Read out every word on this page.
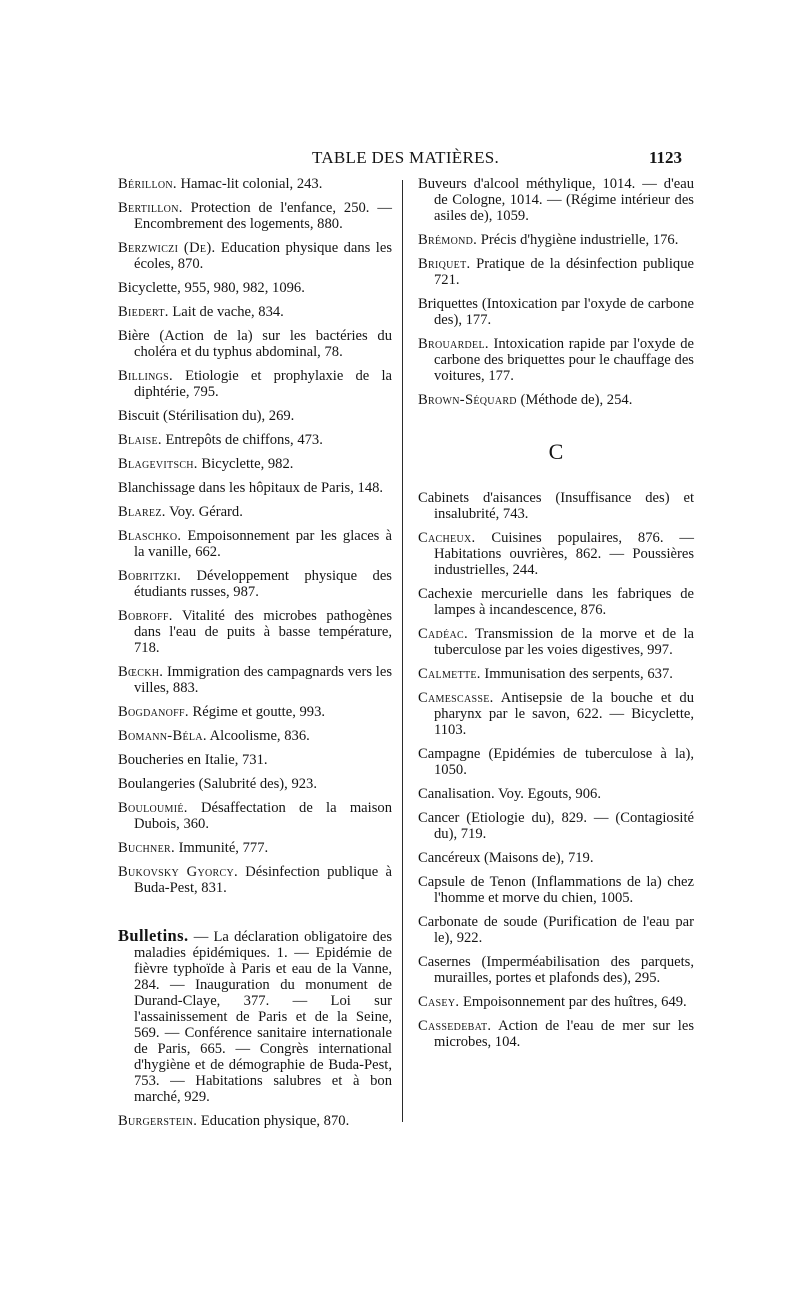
TABLE DES MATIÈRES.	1123

Bérillon. Hamac-lit colonial, 243.

Bertillon. Protection de l'enfance, 250. — Encombrement des logements, 880.

Berzwiczi (De). Education physique dans les écoles, 870.

Bicyclette, 955, 980, 982, 1096.

Biedert. Lait de vache, 834.

Bière (Action de la) sur les bactéries du choléra et du typhus abdominal, 78.

Billings. Etiologie et prophylaxie de la diphtérie, 795.

Biscuit (Stérilisation du), 269.

Blaise. Entrepôts de chiffons, 473.

Blagevitsch. Bicyclette, 982.

Blanchissage dans les hôpitaux de Paris, 148.

Blarez. Voy. Gérard.

Blaschko. Empoisonnement par les glaces à la vanille, 662.

Bobritzki. Développement physique des étudiants russes, 987.

Bobroff. Vitalité des microbes pathogènes dans l'eau de puits à basse température, 718.

Bœckh. Immigration des campagnards vers les villes, 883.

Bogdanoff. Régime et goutte, 993.

Bomann-Béla. Alcoolisme, 836.

Boucheries en Italie, 731.

Boulangeries (Salubrité des), 923.

Bouloumié. Désaffectation de la maison Dubois, 360.

Buchner. Immunité, 777.

Bukovsky Gyorcy. Désinfection publique à Buda-Pest, 831.

Bulletins. — La déclaration obligatoire des maladies épidémiques. 1. — Epidémie de fièvre typhoïde à Paris et eau de la Vanne, 284. — Inauguration du monument de Durand-Claye, 377. — Loi sur l'assainissement de Paris et de la Seine, 569. — Conférence sanitaire internationale de Paris, 665. — Congrès international d'hygiène et de démographie de Buda-Pest, 753. — Habitations salubres et à bon marché, 929.

Burgerstein. Education physique, 870.

Buveurs d'alcool méthylique, 1014. — d'eau de Cologne, 1014. — (Régime intérieur des asiles de), 1059.

Brémond. Précis d'hygiène industrielle, 176.

Briquet. Pratique de la désinfection publique 721.

Briquettes (Intoxication par l'oxyde de carbone des), 177.

Brouardel. Intoxication rapide par l'oxyde de carbone des briquettes pour le chauffage des voitures, 177.

Brown-Séquard (Méthode de), 254.

C

Cabinets d'aisances (Insuffisance des) et insalubrité, 743.

Cacheux. Cuisines populaires, 876. — Habitations ouvrières, 862. — Poussières industrielles, 244.

Cachexie mercurielle dans les fabriques de lampes à incandescence, 876.

Cadéac. Transmission de la morve et de la tuberculose par les voies digestives, 997.

Calmette. Immunisation des serpents, 637.

Camescasse. Antisepsie de la bouche et du pharynx par le savon, 622. — Bicyclette, 1103.

Campagne (Epidémies de tuberculose à la), 1050.

Canalisation. Voy. Egouts, 906.

Cancer (Etiologie du), 829. — (Contagiosité du), 719.

Cancéreux (Maisons de), 719.

Capsule de Tenon (Inflammations de la) chez l'homme et morve du chien, 1005.

Carbonate de soude (Purification de l'eau par le), 922.

Casernes (Imperméabilisation des parquets, murailles, portes et plafonds des), 295.

Casey. Empoisonnement par des huîtres, 649.

Cassedebat. Action de l'eau de mer sur les microbes, 104.
